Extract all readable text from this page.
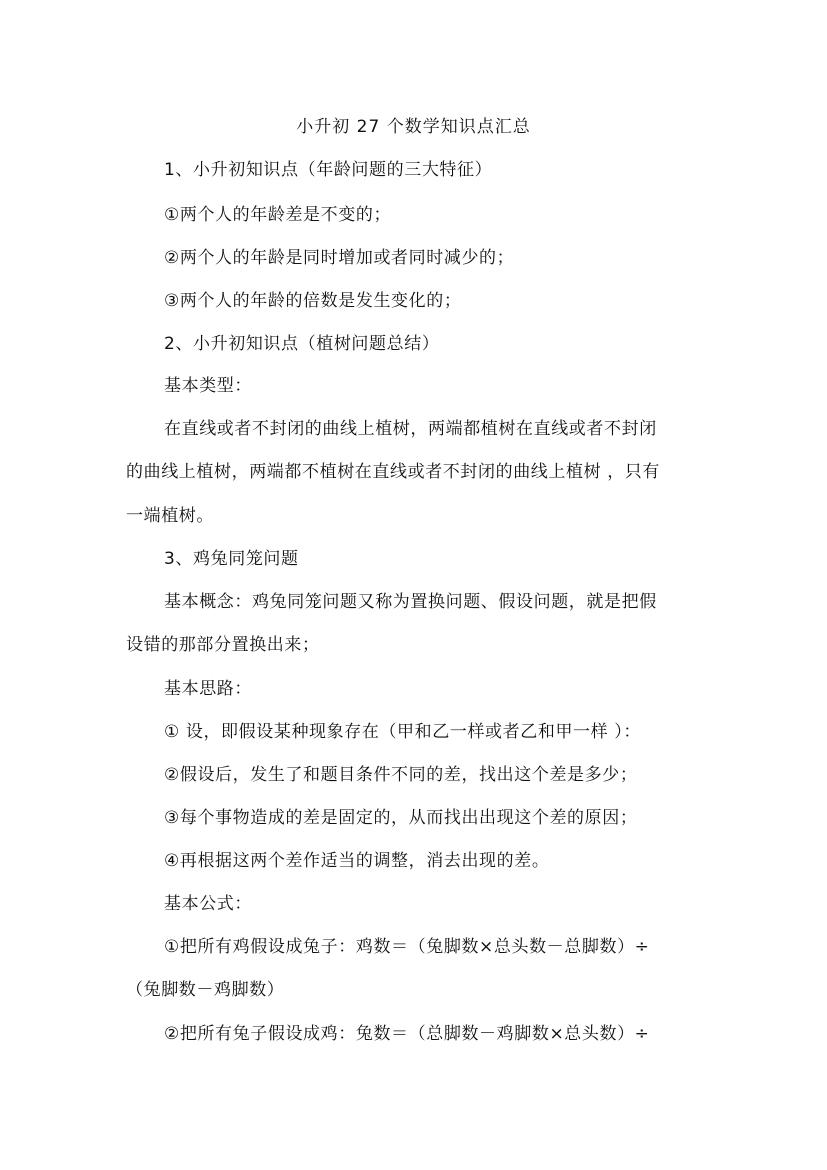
小升初 27 个数学知识点汇总
1、小升初知识点（年龄问题的三大特征）
①两个人的年龄差是不变的；
②两个人的年龄是同时增加或者同时减少的；
③两个人的年龄的倍数是发生变化的；
2、小升初知识点（植树问题总结）
基本类型：
在直线或者不封闭的曲线上植树，两端都植树在直线或者不封闭
的曲线上植树，两端都不植树在直线或者不封闭的曲线上植树 ，只有
一端植树。
3、鸡兔同笼问题
基本概念：鸡兔同笼问题又称为置换问题、假设问题，就是把假
设错的那部分置换出来；
基本思路：
① 设，即假设某种现象存在（甲和乙一样或者乙和甲一样 ）：
②假设后，发生了和题目条件不同的差，找出这个差是多少；
③每个事物造成的差是固定的，从而找出出现这个差的原因；
④再根据这两个差作适当的调整，消去出现的差。
基本公式：
①把所有鸡假设成兔子：鸡数＝（兔脚数×总头数－总脚数）÷
（兔脚数－鸡脚数）
②把所有兔子假设成鸡：兔数＝（总脚数－鸡脚数×总头数）÷
